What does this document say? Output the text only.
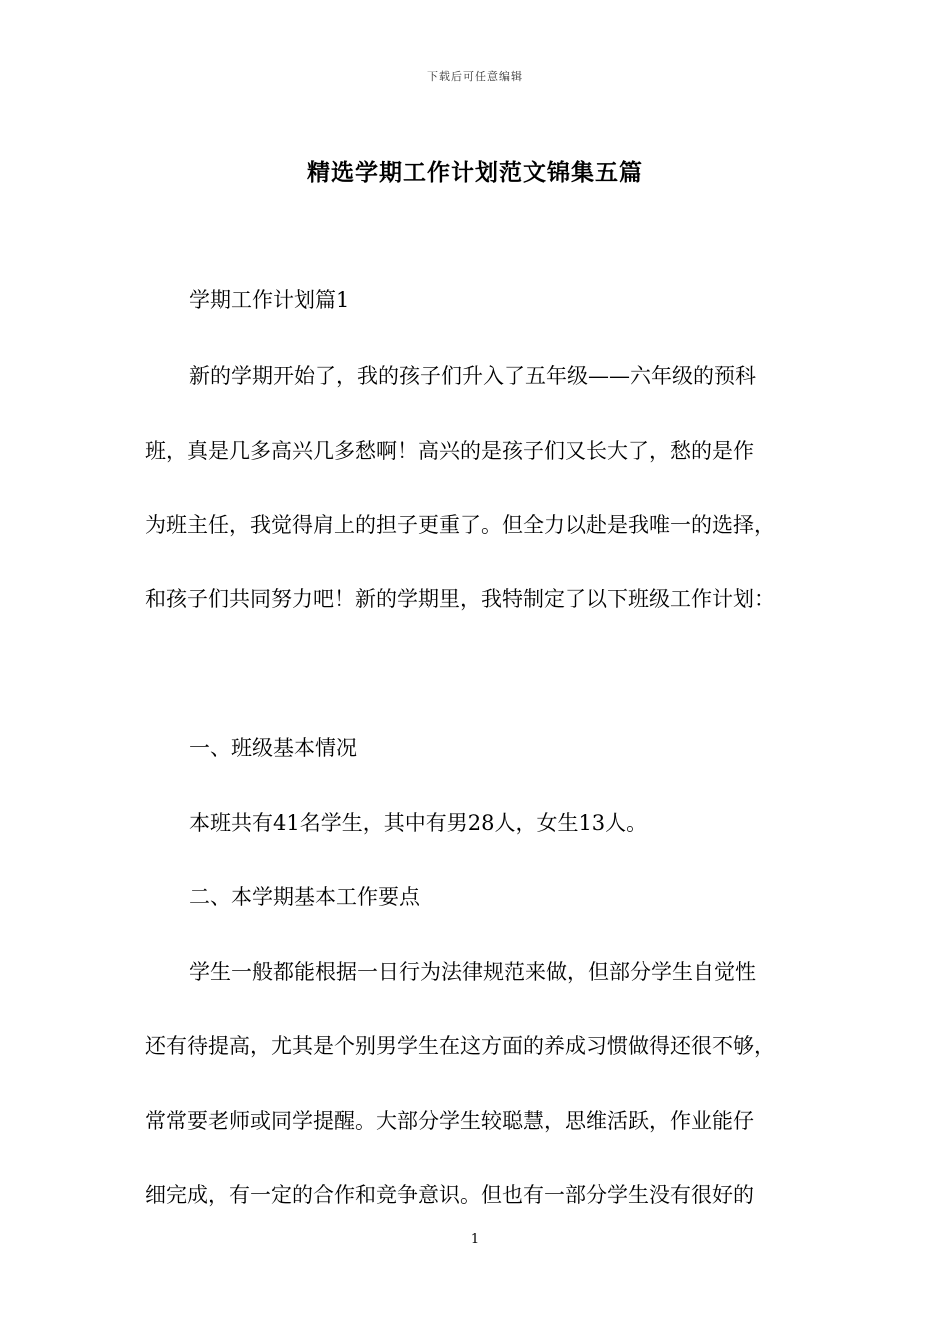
下载后可任意编辑
精选学期工作计划范文锦集五篇
学期工作计划篇1
新的学期开始了，我的孩子们升入了五年级——六年级的预科
班，真是几多高兴几多愁啊！高兴的是孩子们又长大了，愁的是作
为班主任，我觉得肩上的担子更重了。但全力以赴是我唯一的选择，
和孩子们共同努力吧！新的学期里，我特制定了以下班级工作计划：
一、班级基本情况
本班共有41名学生，其中有男28人，女生13人。
二、本学期基本工作要点
学生一般都能根据一日行为法律规范来做，但部分学生自觉性
还有待提高，尤其是个别男学生在这方面的养成习惯做得还很不够，
常常要老师或同学提醒。大部分学生较聪慧，思维活跃，作业能仔
细完成，有一定的合作和竞争意识。但也有一部分学生没有很好的
1
